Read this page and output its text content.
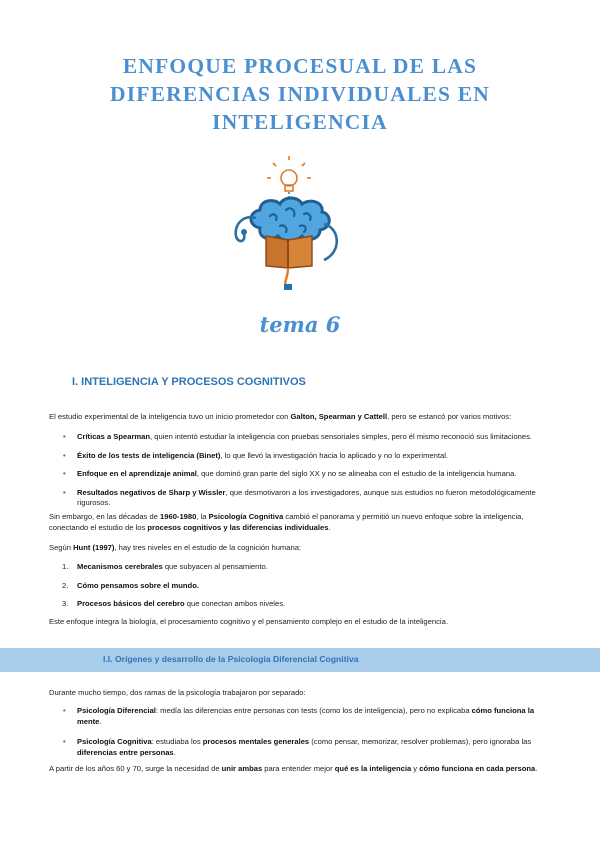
ENFOQUE PROCESUAL DE LAS
DIFERENCIAS INDIVIDUALES EN
INTELIGENCIA
tema 6
I. INTELIGENCIA Y PROCESOS COGNITIVOS

El estudio experimental de la inteligencia tuvo un inicio prometedor con Galton, Spearman y Cattell, pero se estancó por varios motivos:

• Críticas a Spearman, quien intentó estudiar la inteligencia con pruebas sensoriales simples, pero él mismo reconoció sus limitaciones.
• Éxito de los tests de inteligencia (Binet), lo que llevó la investigación hacia lo aplicado y no lo experimental.
• Enfoque en el aprendizaje animal, que dominó gran parte del siglo XX y no se alineaba con el estudio de la inteligencia humana.
• Resultados negativos de Sharp y Wissler, que desmotivaron a los investigadores, aunque sus estudios no fueron metodológicamente rigurosos.

Sin embargo, en las décadas de 1960-1980, la Psicología Cognitiva cambió el panorama y permitió un nuevo enfoque sobre la inteligencia, conectando el estudio de los procesos cognitivos y las diferencias individuales.

Según Hunt (1997), hay tres niveles en el estudio de la cognición humana:

1. Mecanismos cerebrales que subyacen al pensamiento.
2. Cómo pensamos sobre el mundo.
3. Procesos básicos del cerebro que conectan ambos niveles.

Este enfoque integra la biología, el procesamiento cognitivo y el pensamiento complejo en el estudio de la inteligencia.

I.I. Orígenes y desarrollo de la Psicología Diferencial Cognitiva

Durante mucho tiempo, dos ramas de la psicología trabajaron por separado:

• Psicología Diferencial: medía las diferencias entre personas con tests (como los de inteligencia), pero no explicaba cómo funciona la mente.
• Psicología Cognitiva: estudiaba los procesos mentales generales (como pensar, memorizar, resolver problemas), pero ignoraba las diferencias entre personas.

A partir de los años 60 y 70, surge la necesidad de unir ambas para entender mejor qué es la inteligencia y cómo funciona en cada persona.
